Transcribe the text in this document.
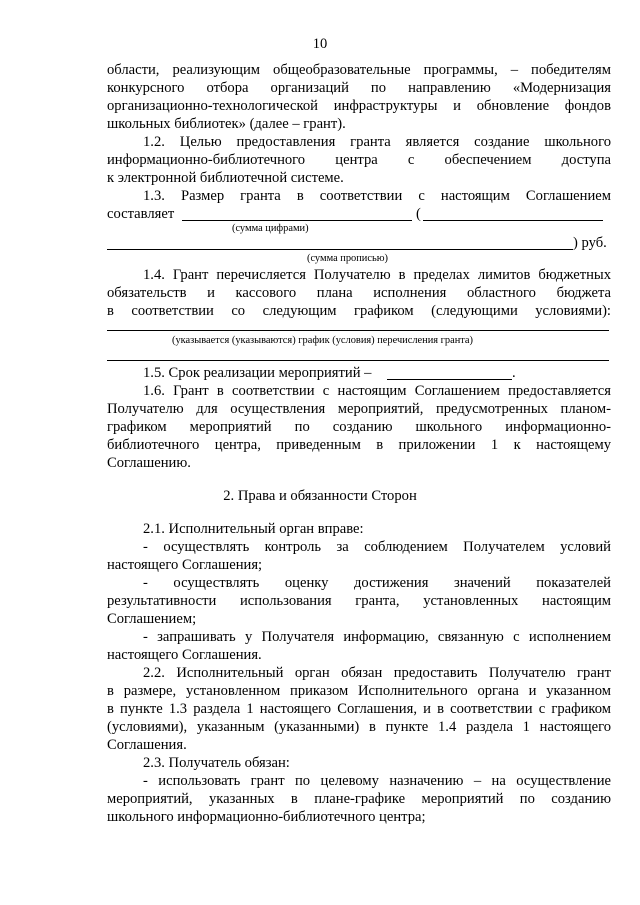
10
области, реализующим общеобразовательные программы, – победителям
конкурсного отбора организаций по направлению «Модернизация
организационно-технологической инфраструктуры и обновление фондов
школьных библиотек» (далее – грант).
1.2. Целью предоставления гранта является создание школьного
информационно-библиотечного центра с обеспечением доступа
к электронной библиотечной системе.
1.3. Размер гранта в соответствии с настоящим Соглашением
составляет	(
(сумма цифрами)
) руб.
(сумма прописью)
1.4. Грант перечисляется Получателю в пределах лимитов бюджетных
обязательств и кассового плана исполнения областного бюджета
в соответствии со следующим графиком (следующими условиями):
(указывается (указываются) график (условия) перечисления гранта)
1.5. Срок реализации мероприятий –	.
1.6. Грант в соответствии с настоящим Соглашением предоставляется
Получателю для осуществления мероприятий, предусмотренных планом-
графиком мероприятий по созданию школьного информационно-
библиотечного центра, приведенным в приложении 1 к настоящему
Соглашению.
2. Права и обязанности Сторон
2.1. Исполнительный орган вправе:
- осуществлять контроль за соблюдением Получателем условий
настоящего Соглашения;
- осуществлять оценку достижения значений показателей
результативности использования гранта, установленных настоящим
Соглашением;
- запрашивать у Получателя информацию, связанную с исполнением
настоящего Соглашения.
2.2. Исполнительный орган обязан предоставить Получателю грант
в размере, установленном приказом Исполнительного органа и указанном
в пункте 1.3 раздела 1 настоящего Соглашения, и в соответствии с графиком
(условиями), указанным (указанными) в пункте 1.4 раздела 1 настоящего
Соглашения.
2.3. Получатель обязан:
- использовать грант по целевому назначению – на осуществление
мероприятий, указанных в плане-графике мероприятий по созданию
школьного информационно-библиотечного центра;
